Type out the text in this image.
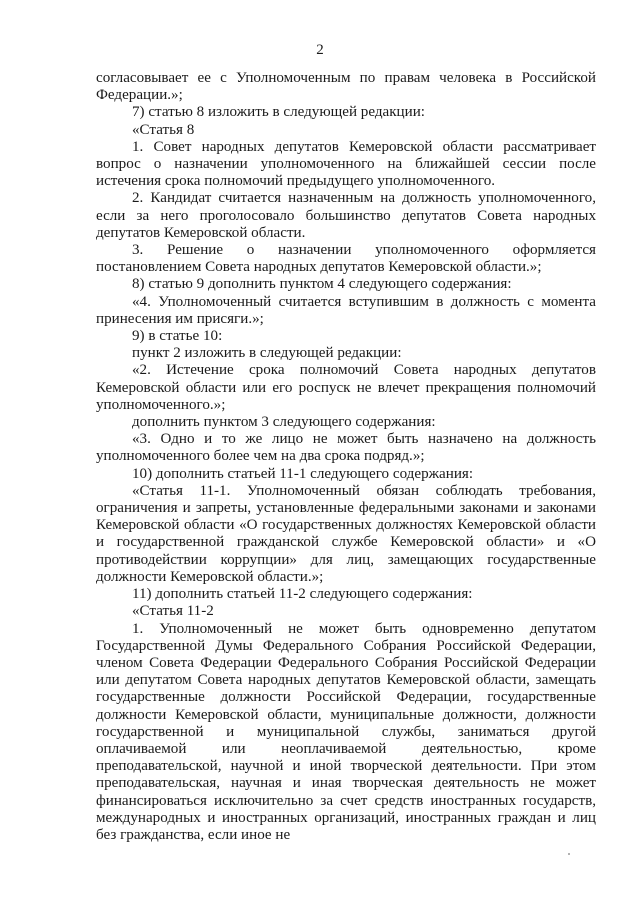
2

согласовывает ее с Уполномоченным по правам человека в Российской Федерации.»;

7) статью 8 изложить в следующей редакции:

«Статья 8

1. Совет народных депутатов Кемеровской области рассматривает вопрос о назначении уполномоченного на ближайшей сессии после истечения срока полномочий предыдущего уполномоченного.

2. Кандидат считается назначенным на должность уполномоченного, если за него проголосовало большинство депутатов Совета народных депутатов Кемеровской области.

3. Решение о назначении уполномоченного оформляется постановлением Совета народных депутатов Кемеровской области.»;

8) статью 9 дополнить пунктом 4 следующего содержания:

«4. Уполномоченный считается вступившим в должность с момента принесения им присяги.»;

9) в статье 10:

пункт 2 изложить в следующей редакции:

«2. Истечение срока полномочий Совета народных депутатов Кемеровской области или его роспуск не влечет прекращения полномочий уполномоченного.»;

дополнить пунктом 3 следующего содержания:

«3. Одно и то же лицо не может быть назначено на должность уполномоченного более чем на два срока подряд.»;

10) дополнить статьей 11-1 следующего содержания:

«Статья 11-1. Уполномоченный обязан соблюдать требования, ограничения и запреты, установленные федеральными законами и законами Кемеровской области «О государственных должностях Кемеровской области и государственной гражданской службе Кемеровской области» и «О противодействии коррупции» для лиц, замещающих государственные должности Кемеровской области.»;

11) дополнить статьей 11-2 следующего содержания:

«Статья 11-2

1. Уполномоченный не может быть одновременно депутатом Государственной Думы Федерального Собрания Российской Федерации, членом Совета Федерации Федерального Собрания Российской Федерации или депутатом Совета народных депутатов Кемеровской области, замещать государственные должности Российской Федерации, государственные должности Кемеровской области, муниципальные должности, должности государственной и муниципальной службы, заниматься другой оплачиваемой или неоплачиваемой деятельностью, кроме преподавательской, научной и иной творческой деятельности. При этом преподавательская, научная и иная творческая деятельность не может финансироваться исключительно за счет средств иностранных государств, международных и иностранных организаций, иностранных граждан и лиц без гражданства, если иное не
